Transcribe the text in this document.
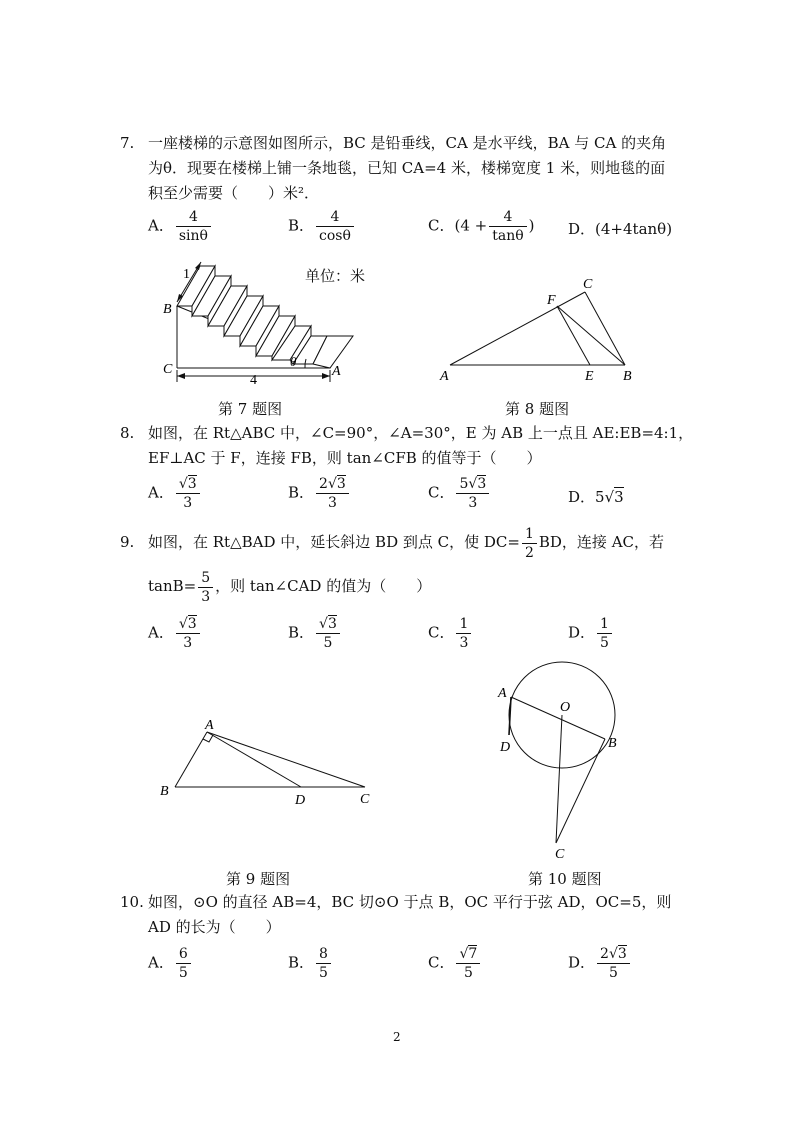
7. 一座楼梯的示意图如图所示，BC 是铅垂线，CA 是水平线，BA 与 CA 的夹角
为θ．现要在楼梯上铺一条地毯，已知 CA=4 米，楼梯宽度 1 米，则地毯的面
积至少需要（　　）米²．
A． $\frac{4}{\sin\theta}$	B． $\frac{4}{\cos\theta}$	C．($4 + \frac{4}{\tan\theta}$ ) D．(4+4tanθ)
1
B
C	A
4
θ
单位：米
第 7 题图
A	B
C
E
F
第 8 题图
8. 如图，在 Rt△ABC 中，∠C=90°，∠A=30°，E 为 AB 上一点且 AE:EB=4:1，
EF⊥AC 于 F，连接 FB，则 tan∠CFB 的值等于（　　）
A． $\frac{√3}{3}$	B． $\frac{2√3}{3}$	C． $\frac{5√3}{3}$	D．5√3
9. 如图，在 Rt△BAD 中，延长斜边 BD 到点 C，使 $DC= \frac{1}{2}$ BD，连接 AC，若
$\tan B= \frac{5}{3}$ ，则 tan∠CAD 的值为（　　）
A． $\frac{√3}{3}$	B． $\frac{√3}{5}$	C． $\frac{1}{3}$	D． $\frac{1}{5}$
A
B
D	C
第 9 题图
A
O
B
D
C
第 10 题图
10. 如图，⊙O 的直径 AB=4，BC 切⊙O 于点 B，OC 平行于弦 AD，OC=5，则
AD 的长为（　　）
A． $\frac{6}{5}$	B． $\frac{8}{5}$	C． $\frac{√7}{5}$	D． $\frac{2√3}{5}$
2
